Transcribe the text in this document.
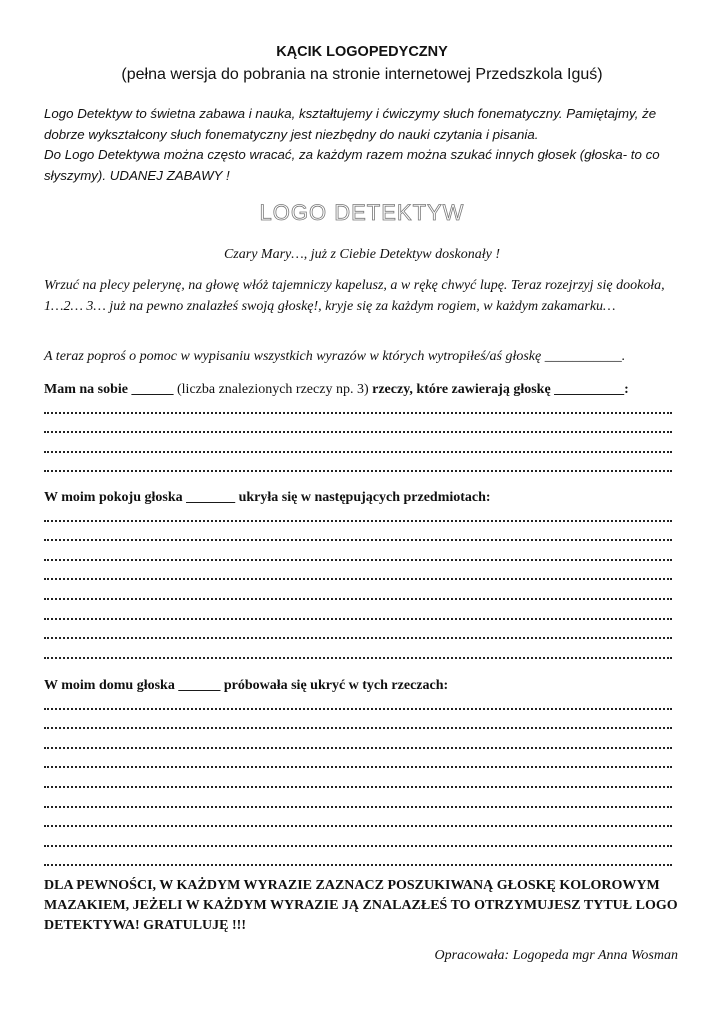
KĄCIK LOGOPEDYCZNY
(pełna wersja do pobrania na stronie internetowej Przedszkola Iguś)

Logo Detektyw to świetna zabawa i nauka, kształtujemy i ćwiczymy słuch fonematyczny. Pamiętajmy, że dobrze wykształcony słuch fonematyczny jest niezbędny do nauki czytania i pisania.

Do Logo Detektywa można często wracać, za każdym razem można szukać innych głosek (głoska- to co słyszymy). UDANEJ ZABAWY !

LOGO DETEKTYW
Czary Mary…, już z Ciebie Detektyw doskonały !
Wrzuć na plecy pelerynę, na głowę włóż tajemniczy kapelusz, a w rękę chwyć lupę. Teraz rozejrzyj się dookoła, 1…2… 3… już na pewno znalazłeś swoją głoskę!, kryje się za każdym rogiem, w każdym zakamarku…
A teraz poproś o pomoc w wypisaniu wszystkich wyrazów w których wytropiłeś/aś głoskę ___________.
Mam na sobie ______ (liczba znalezionych rzeczy np. 3) rzeczy, które zawierają głoskę __________:
W moim pokoju głoska _______ ukryła się w następujących przedmiotach:
W moim domu głoska ______ próbowała się ukryć w tych rzeczach:
DLA PEWNOŚCI, W KAŻDYM WYRAZIE ZAZNACZ POSZUKIWANĄ GŁOSKĘ KOLOROWYM MAZAKIEM, JEŻELI W KAŻDYM WYRAZIE JĄ ZNALAZŁEŚ TO OTRZYMUJESZ TYTUŁ LOGO DETEKTYWA! GRATULUJĘ !!!
Opracowała: Logopeda mgr Anna Wosman
